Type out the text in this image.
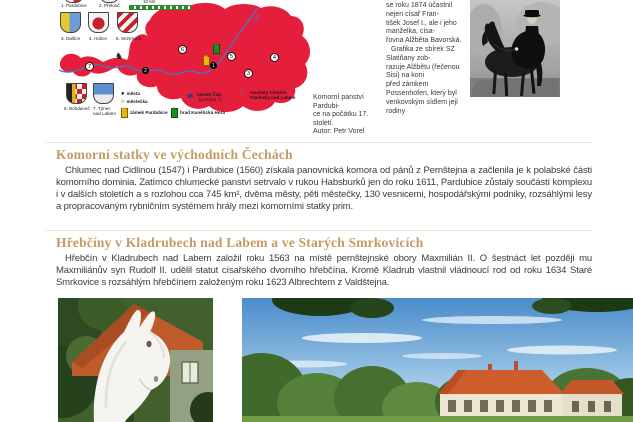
Labe
1. Pardubice	2. Přelouč
10 km
3. Dašice 4. Holice 5. Sezemice
6. Bohdaneč 7. Týnec nad Labem
1
2	3
4
5
6
7
♞
◆ zámek Čáp
(položka 7)
♘ císařský hřebčín
Kladruby nad Labem
● města
○ městečka
zámek Pardubice	hrad Kunětická Hora
Komorní panství Pardubi-
ce na počátku 17. století.
Autor: Petr Vorel
se roku 1874 účastnil nejen císař Fran-
tišek Josef I., ale i jeho manželka, císa-
řovna Alžběta Bavorská.
Grafika ze sbírek SZ Slatiňany zob-
razuje Alžbětu (řečenou Sisi) na koni
před zámkem Possenhofen, který byl
venkovským sídlem její rodiny
Komorní statky ve východních Čechách
Chlumec nad Cidlinou (1547) i Pardubice (1560) získala panovnická komora od pánů z Pernštejna a začlenila je k polabské části komorního dominia. Zatímco chlumecké panství setrvalo v rukou Habsburků jen do roku 1611, Pardubice zůstaly součástí komplexu i v dalších stoletích a s rozlohou cca 745 km², dvěma městy, pěti městečky, 130 vesnicemi, hospodářskými podniky, rozsáhlými lesy a propracovaným rybničním systémem hrály mezi komorními statky prim.
Hřebčíny v Kladrubech nad Labem a ve Starých Smrkovicích
Hřebčín v Kladrubech nad Labem založil roku 1563 na místě pernštejnské obory Maxmilián II. O šestnáct let později mu Maxmiliánův syn Rudolf II. udělil statut císařského dvorního hřebčína. Kromě Kladrub vlastnil vládnoucí rod od roku 1634 Staré Smrkovice s rozsáhlým hřebčínem založeným roku 1623 Albrechtem z Valdštejna.
